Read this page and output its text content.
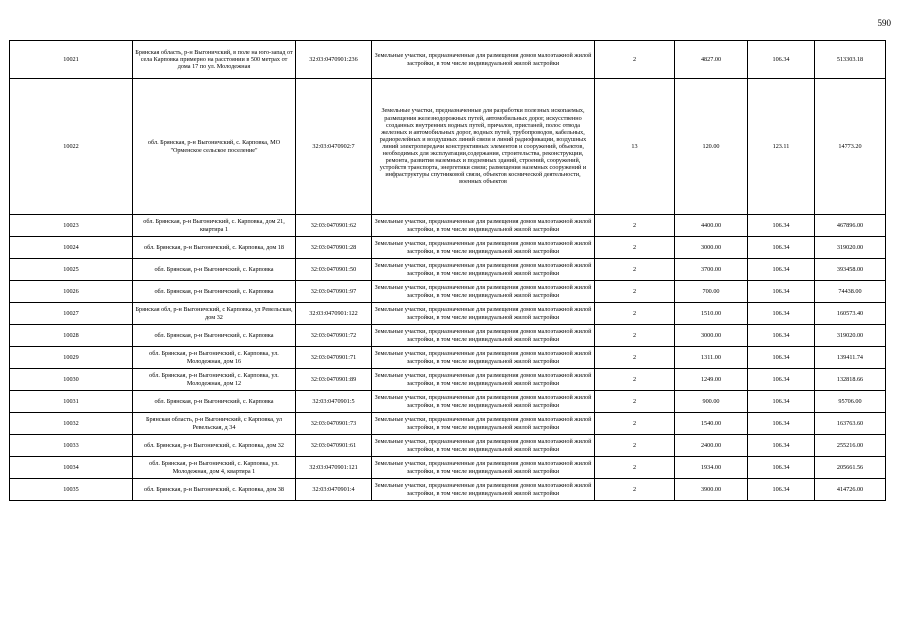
590
10021	Брянская область, р-н Выгоничский, в поле на юго-запад от села Карповка примерно на расстоянии в 500 метрах от дома 17 по ул. Молодежная	32:03:0470901:236	Земельные участки, предназначенные для размещения домов малоэтажной жилой застройки, в том числе индивидуальной жилой застройки	2	4827.00	106.34	513303.18
10022	обл. Брянская, р-н Выгоничский, с. Карповка, МО "Орменское сельское поселение"	32:03:0470902:7	Земельные участки, предназначенные для разработки полезных ископаемых, размещения железнодорожных путей, автомобильных дорог, искусственно созданных внутренних водных путей, причалов, пристаней, полос отвода железных и автомобильных дорог, водных путей, трубопроводов, кабельных, радиорелейных и воздушных линий связи и линий радиофикации, воздушных линий электропередачи конструктивных элементов и сооружений, объектов, необходимых для эксплуатации,содержания, строительства, реконструкции, ремонта, развития наземных и подземных зданий, строений, сооружений, устройств транспорта, энергетики связи; размещения наземных сооружений и инфраструктуры спутниковой связи, объектов космической деятельности, военных объектов	13	120.00	123.11	14773.20
10023	обл. Брянская, р-н Выгоничский, с. Карповка, дом 21, квартира 1	32:03:0470901:62	Земельные участки, предназначенные для размещения домов малоэтажной жилой застройки, в том числе индивидуальной жилой застройки	2	4400.00	106.34	467896.00
10024	обл. Брянская, р-н Выгоничский, с. Карповка, дом 18	32:03:0470901:28	Земельные участки, предназначенные для размещения домов малоэтажной жилой застройки, в том числе индивидуальной жилой застройки	2	3000.00	106.34	319020.00
10025	обл. Брянская, р-н Выгоничский, с. Карповка	32:03:0470901:50	Земельные участки, предназначенные для размещения домов малоэтажной жилой застройки, в том числе индивидуальной жилой застройки	2	3700.00	106.34	393458.00
10026	обл. Брянская, р-н Выгоничский, с. Карповка	32:03:0470901:97	Земельные участки, предназначенные для размещения домов малоэтажной жилой застройки, в том числе индивидуальной жилой застройки	2	700.00	106.34	74438.00
10027	Брянская обл, р-н Выгоничский, с Карповка, ул Ревельская, дом 32	32:03:0470901:122	Земельные участки, предназначенные для размещения домов малоэтажной жилой застройки, в том числе индивидуальной жилой застройки	2	1510.00	106.34	160573.40
10028	обл. Брянская, р-н Выгоничский, с. Карповка	32:03:0470901:72	Земельные участки, предназначенные для размещения домов малоэтажной жилой застройки, в том числе индивидуальной жилой застройки	2	3000.00	106.34	319020.00
10029	обл. Брянская, р-н Выгоничский, с. Карповка, ул. Молодежная, дом 16	32:03:0470901:71	Земельные участки, предназначенные для размещения домов малоэтажной жилой застройки, в том числе индивидуальной жилой застройки	2	1311.00	106.34	139411.74
10030	обл. Брянская, р-н Выгоничский, с. Карповка, ул. Молодежная, дом 12	32:03:0470901:89	Земельные участки, предназначенные для размещения домов малоэтажной жилой застройки, в том числе индивидуальной жилой застройки	2	1249.00	106.34	132818.66
10031	обл. Брянская, р-н Выгоничский, с. Карповка	32:03:0470901:5	Земельные участки, предназначенные для размещения домов малоэтажной жилой застройки, в том числе индивидуальной жилой застройки	2	900.00	106.34	95706.00
10032	Брянская область, р-н Выгоничский, с Карповка, ул Ревельская, д 34	32:03:0470901:73	Земельные участки, предназначенные для размещения домов малоэтажной жилой застройки, в том числе индивидуальной жилой застройки	2	1540.00	106.34	163763.60
10033	обл. Брянская, р-н Выгоничский, с. Карповка, дом 32	32:03:0470901:61	Земельные участки, предназначенные для размещения домов малоэтажной жилой застройки, в том числе индивидуальной жилой застройки	2	2400.00	106.34	255216.00
10034	обл. Брянская, р-н Выгоничский, с. Карповка, ул. Молодежная, дом 4, квартира 1	32:03:0470901:121	Земельные участки, предназначенные для размещения домов малоэтажной жилой застройки, в том числе индивидуальной жилой застройки	2	1934.00	106.34	205661.56
10035	обл. Брянская, р-н Выгоничский, с. Карповка, дом 38	32:03:0470901:4	Земельные участки, предназначенные для размещения домов малоэтажной жилой застройки, в том числе индивидуальной жилой застройки	2	3900.00	106.34	414726.00
